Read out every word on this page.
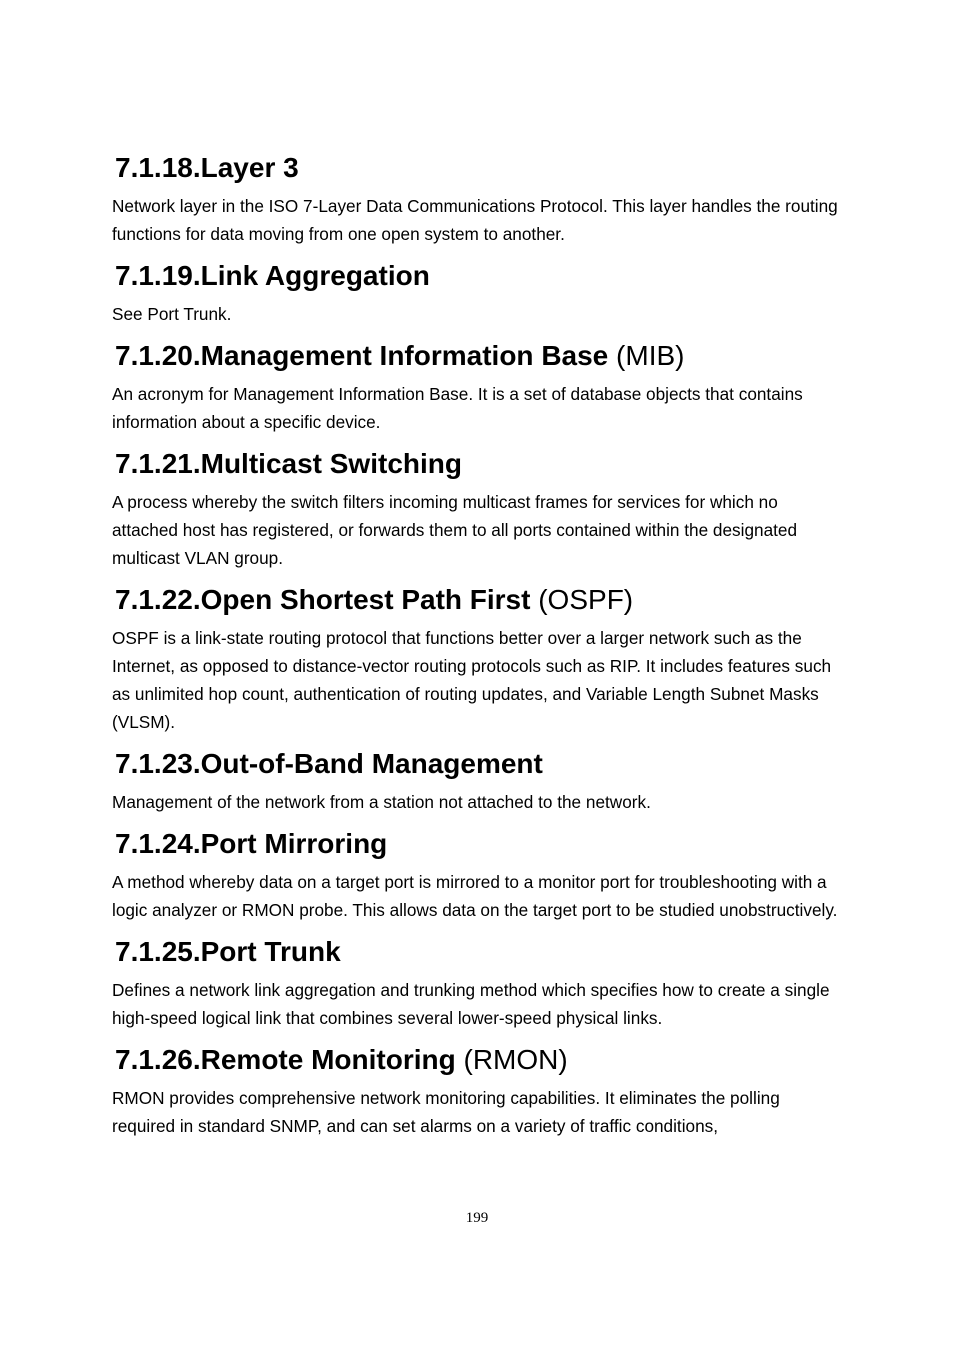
7.1.18.Layer 3

Network layer in the ISO 7-Layer Data Communications Protocol. This layer handles the routing functions for data moving from one open system to another.

7.1.19.Link Aggregation

See Port Trunk.

7.1.20.Management Information Base (MIB)

An acronym for Management Information Base. It is a set of database objects that contains information about a specific device.

7.1.21.Multicast Switching

A process whereby the switch filters incoming multicast frames for services for which no attached host has registered, or forwards them to all ports contained within the designated multicast VLAN group.

7.1.22.Open Shortest Path First (OSPF)

OSPF is a link-state routing protocol that functions better over a larger network such as the Internet, as opposed to distance-vector routing protocols such as RIP. It includes features such as unlimited hop count, authentication of routing updates, and Variable Length Subnet Masks (VLSM).

7.1.23.Out-of-Band Management

Management of the network from a station not attached to the network.

7.1.24.Port Mirroring

A method whereby data on a target port is mirrored to a monitor port for troubleshooting with a logic analyzer or RMON probe. This allows data on the target port to be studied unobstructively.

7.1.25.Port Trunk

Defines a network link aggregation and trunking method which specifies how to create a single high-speed logical link that combines several lower-speed physical links.

7.1.26.Remote Monitoring (RMON)

RMON provides comprehensive network monitoring capabilities. It eliminates the polling required in standard SNMP, and can set alarms on a variety of traffic conditions,

199
